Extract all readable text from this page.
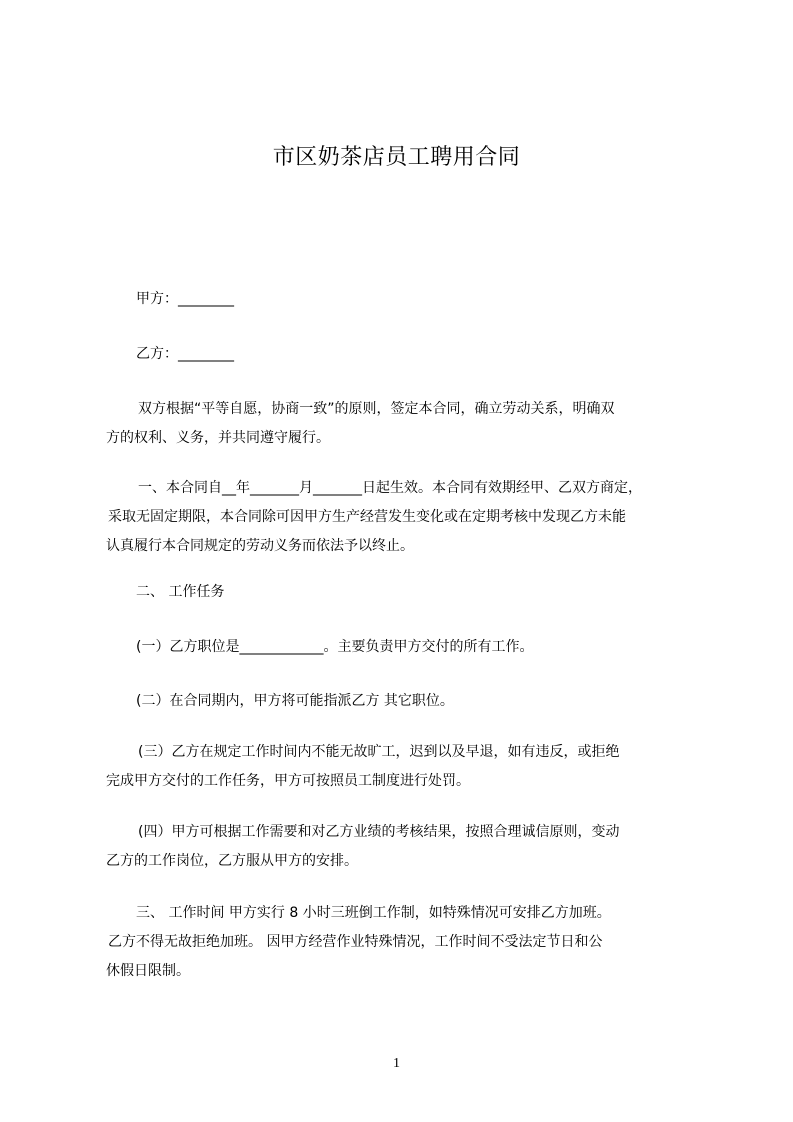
市区奶茶店员工聘用合同
甲方：________
乙方：________
双方根据“平等自愿，协商一致”的原则，签定本合同，确立劳动关系，明确双
方的权利、义务，并共同遵守履行。
一、本合同自__年_______月_______日起生效。本合同有效期经甲、乙双方商定，
采取无固定期限，本合同除可因甲方生产经营发生变化或在定期考核中发现乙方未能
认真履行本合同规定的劳动义务而依法予以终止。
二、 工作任务
(一）乙方职位是____________。主要负责甲方交付的所有工作。
(二）在合同期内，甲方将可能指派乙方 其它职位。
(三）乙方在规定工作时间内不能无故旷工，迟到以及早退，如有违反，或拒绝
完成甲方交付的工作任务，甲方可按照员工制度进行处罚。
(四）甲方可根据工作需要和对乙方业绩的考核结果，按照合理诚信原则，变动
乙方的工作岗位，乙方服从甲方的安排。
三、 工作时间 甲方实行 8 小时三班倒工作制，如特殊情况可安排乙方加班。
乙方不得无故拒绝加班。 因甲方经营作业特殊情况，工作时间不受法定节日和公
休假日限制。
1
